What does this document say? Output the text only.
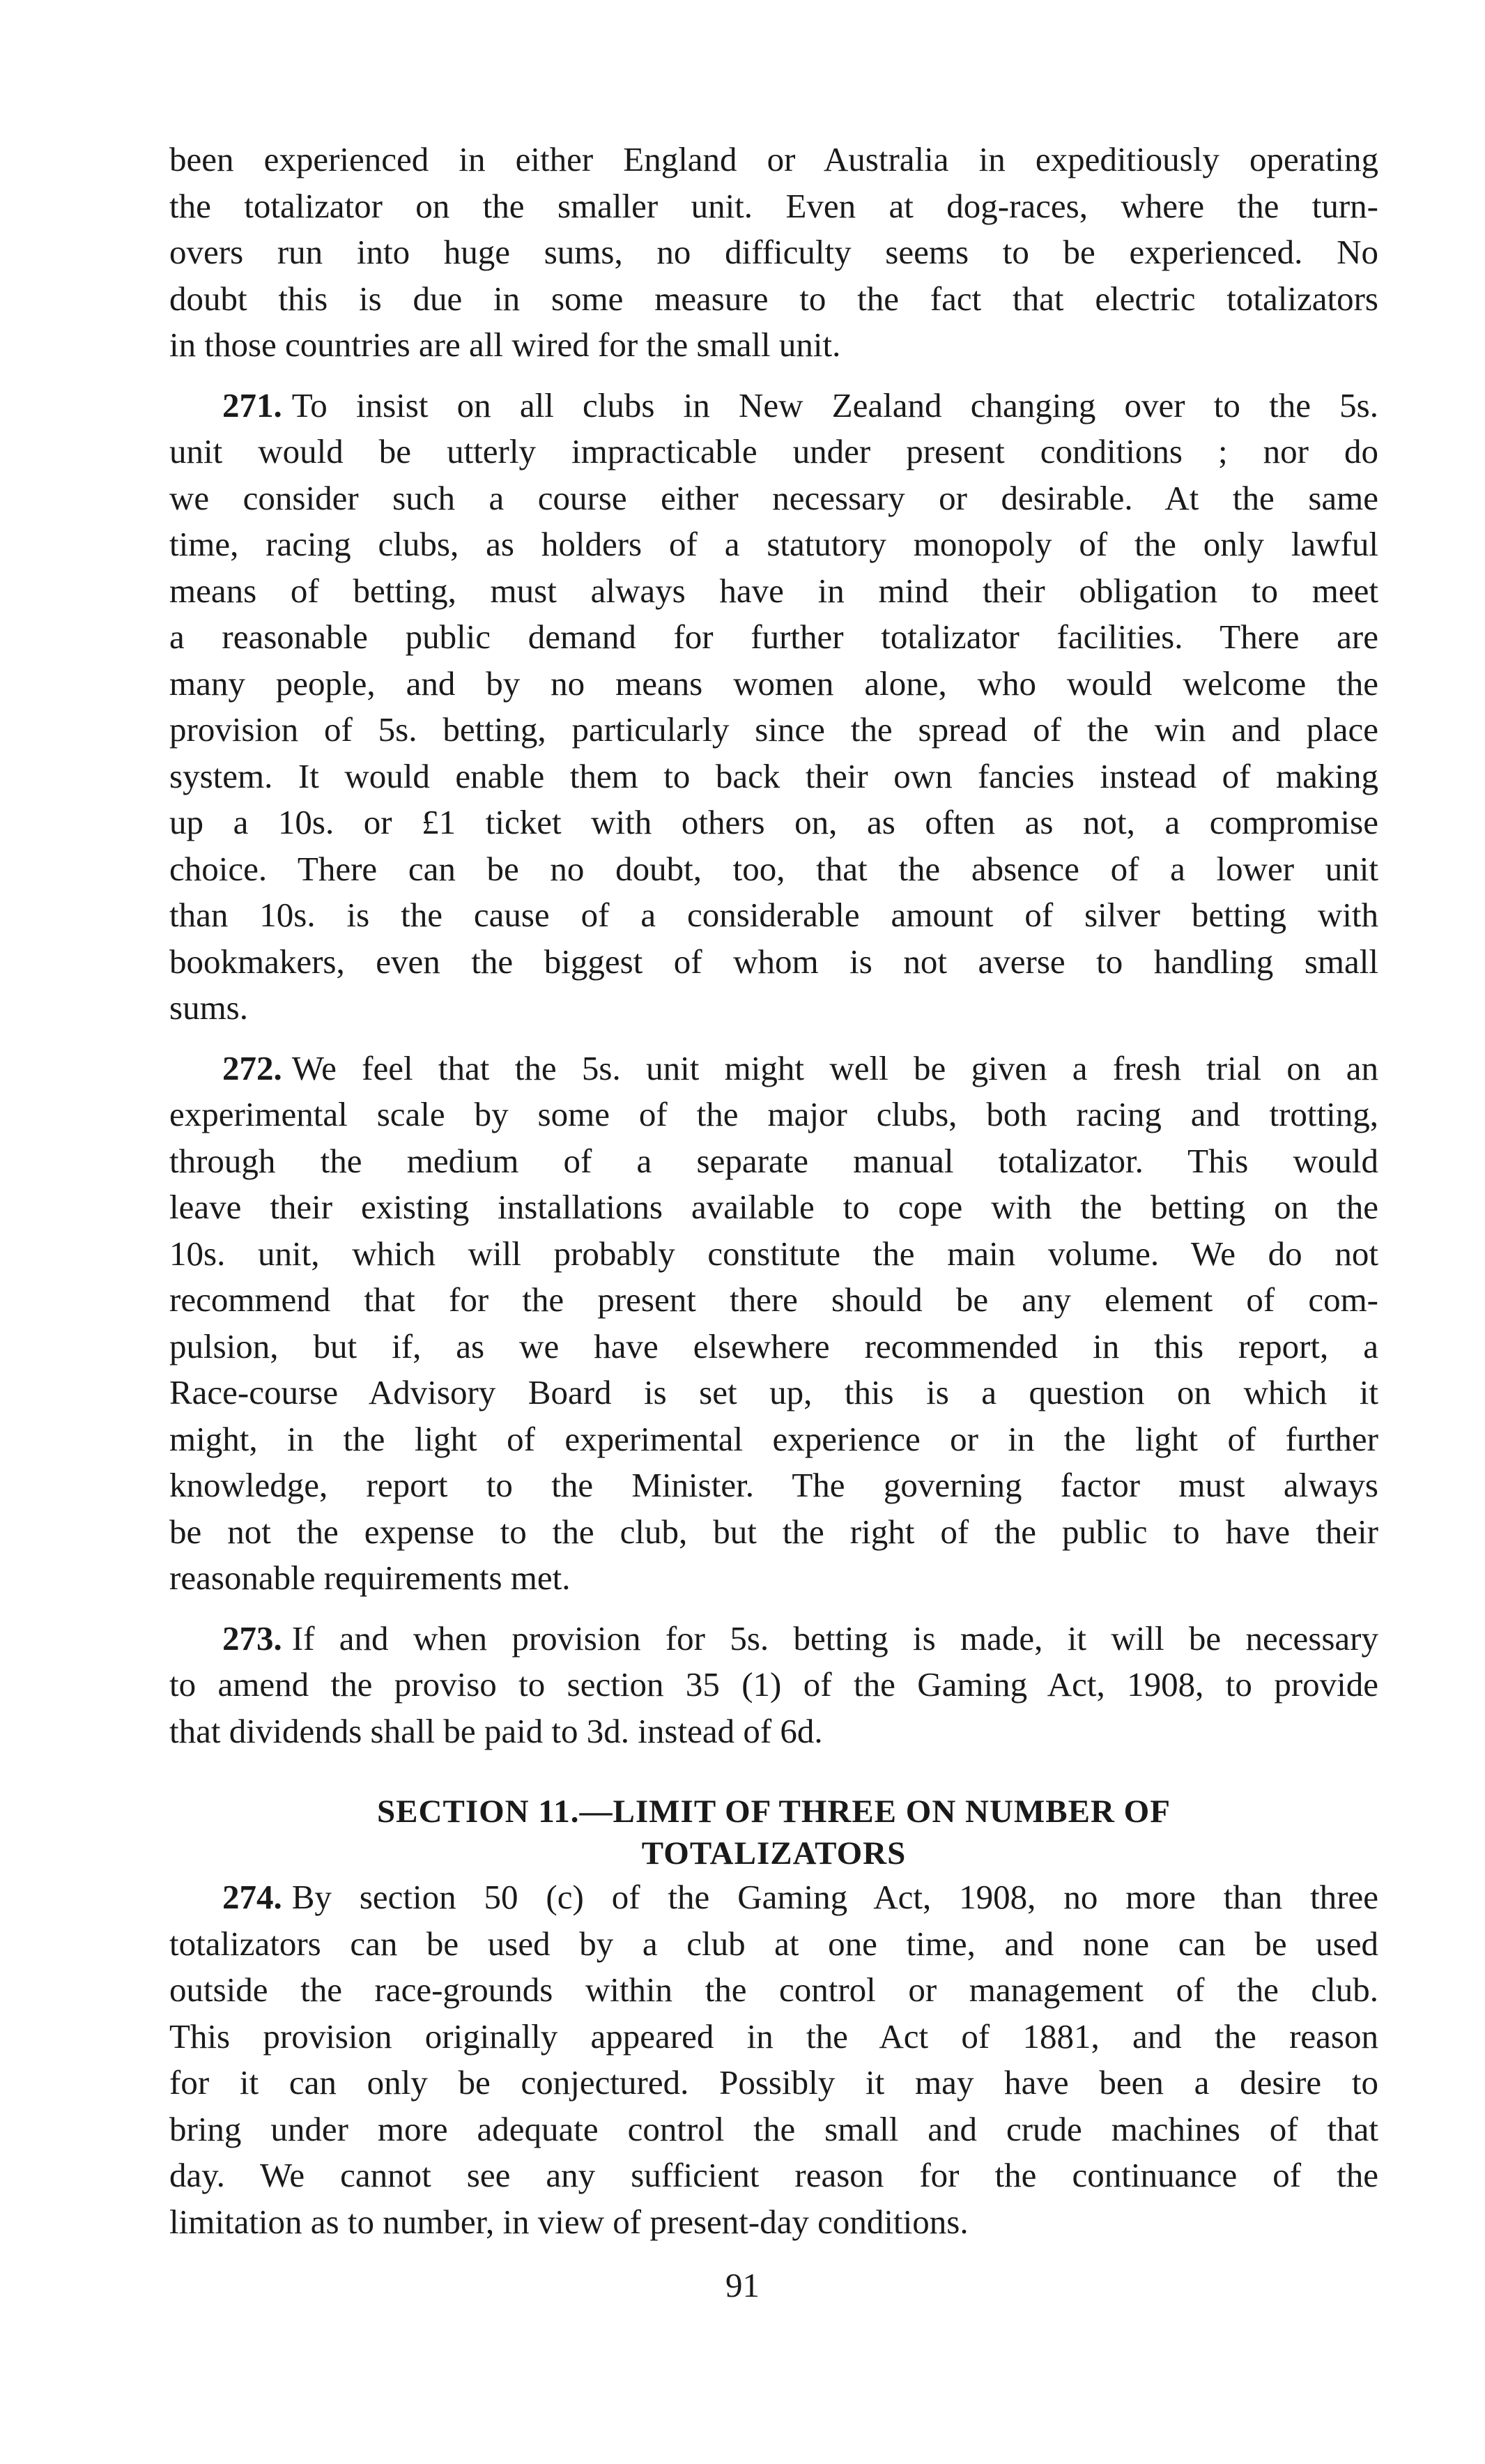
been experienced in either England or Australia in expeditiously operating
the totalizator on the smaller unit. Even at dog-races, where the turn-
overs run into huge sums, no difficulty seems to be experienced. No
doubt this is due in some measure to the fact that electric totalizators
in those countries are all wired for the small unit.
271. To insist on all clubs in New Zealand changing over to the 5s.
unit would be utterly impracticable under present conditions ; nor do
we consider such a course either necessary or desirable. At the same
time, racing clubs, as holders of a statutory monopoly of the only lawful
means of betting, must always have in mind their obligation to meet
a reasonable public demand for further totalizator facilities. There are
many people, and by no means women alone, who would welcome the
provision of 5s. betting, particularly since the spread of the win and place
system. It would enable them to back their own fancies instead of making
up a 10s. or £1 ticket with others on, as often as not, a compromise
choice. There can be no doubt, too, that the absence of a lower unit
than 10s. is the cause of a considerable amount of silver betting with
bookmakers, even the biggest of whom is not averse to handling small
sums.
272. We feel that the 5s. unit might well be given a fresh trial on an
experimental scale by some of the major clubs, both racing and trotting,
through the medium of a separate manual totalizator. This would
leave their existing installations available to cope with the betting on the
10s. unit, which will probably constitute the main volume. We do not
recommend that for the present there should be any element of com-
pulsion, but if, as we have elsewhere recommended in this report, a
Race-course Advisory Board is set up, this is a question on which it
might, in the light of experimental experience or in the light of further
knowledge, report to the Minister. The governing factor must always
be not the expense to the club, but the right of the public to have their
reasonable requirements met.
273. If and when provision for 5s. betting is made, it will be necessary
to amend the proviso to section 35 (1) of the Gaming Act, 1908, to provide
that dividends shall be paid to 3d. instead of 6d.
SECTION 11.—LIMIT OF THREE ON NUMBER OF
TOTALIZATORS
274. By section 50 (c) of the Gaming Act, 1908, no more than three
totalizators can be used by a club at one time, and none can be used
outside the race-grounds within the control or management of the club.
This provision originally appeared in the Act of 1881, and the reason
for it can only be conjectured. Possibly it may have been a desire to
bring under more adequate control the small and crude machines of that
day. We cannot see any sufficient reason for the continuance of the
limitation as to number, in view of present-day conditions.
91
